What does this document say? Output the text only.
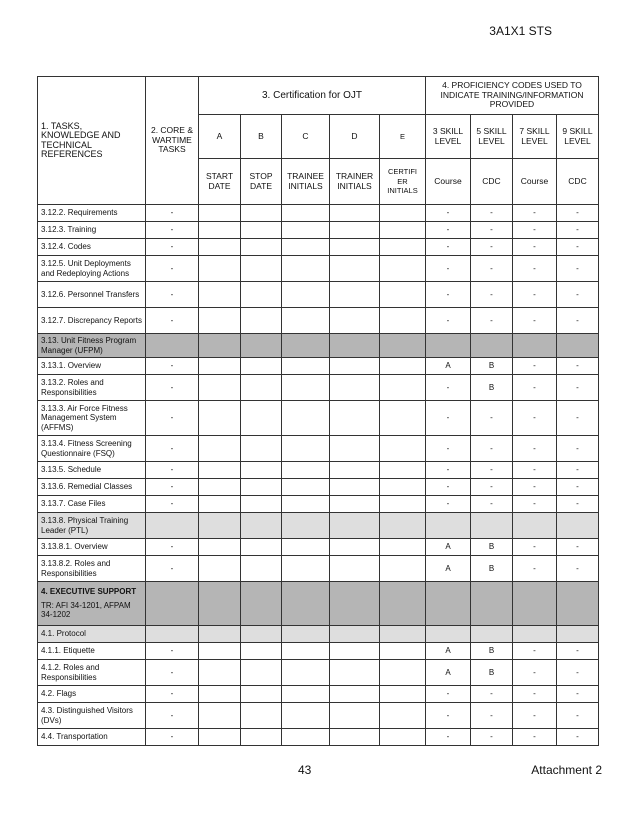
3A1X1 STS
1. TASKS, KNOWLEDGE AND TECHNICAL REFERENCES	2. CORE & WARTIME TASKS	3. Certification for OJT					4. PROFICIENCY CODES USED TO INDICATE TRAINING/INFORMATION PROVIDED			
		A	B	C	D	E	3 SKILL LEVEL	5 SKILL LEVEL	7 SKILL LEVEL	9 SKILL LEVEL
		START DATE	STOP DATE	TRAINEE INITIALS	TRAINER INITIALS	CERTIFI ER INITIALS	Course	CDC	Course	CDC
3.12.2. Requirements	-						-	-	-	-
3.12.3. Training	-						-	-	-	-
3.12.4. Codes	-						-	-	-	-
3.12.5. Unit Deployments and Redeploying Actions	-						-	-	-	-
3.12.6. Personnel Transfers	-						-	-	-	-
3.12.7. Discrepancy Reports	-						-	-	-	-
3.13. Unit Fitness Program Manager (UFPM)										
3.13.1. Overview	-						A	B	-	-
3.13.2. Roles and Responsibilities	-						-	B	-	-
3.13.3. Air Force Fitness Management System (AFFMS)	-						-	-	-	-
3.13.4. Fitness Screening Questionnaire (FSQ)	-						-	-	-	-
3.13.5. Schedule	-						-	-	-	-
3.13.6. Remedial Classes	-						-	-	-	-
3.13.7. Case Files	-						-	-	-	-
3.13.8. Physical Training Leader (PTL)										
3.13.8.1. Overview	-						A	B	-	-
3.13.8.2. Roles and Responsibilities	-						A	B	-	-

4. EXECUTIVE SUPPORT
TR: AFI 34-1201, AFPAM 34-1202										

4.1. Protocol										
4.1.1. Etiquette	-						A	B	-	-
4.1.2. Roles and Responsibilities	-						A	B	-	-
4.2. Flags	-						-	-	-	-
4.3. Distinguished Visitors (DVs)	-						-	-	-	-
4.4. Transportation	-						-	-	-	-
43	Attachment 2
